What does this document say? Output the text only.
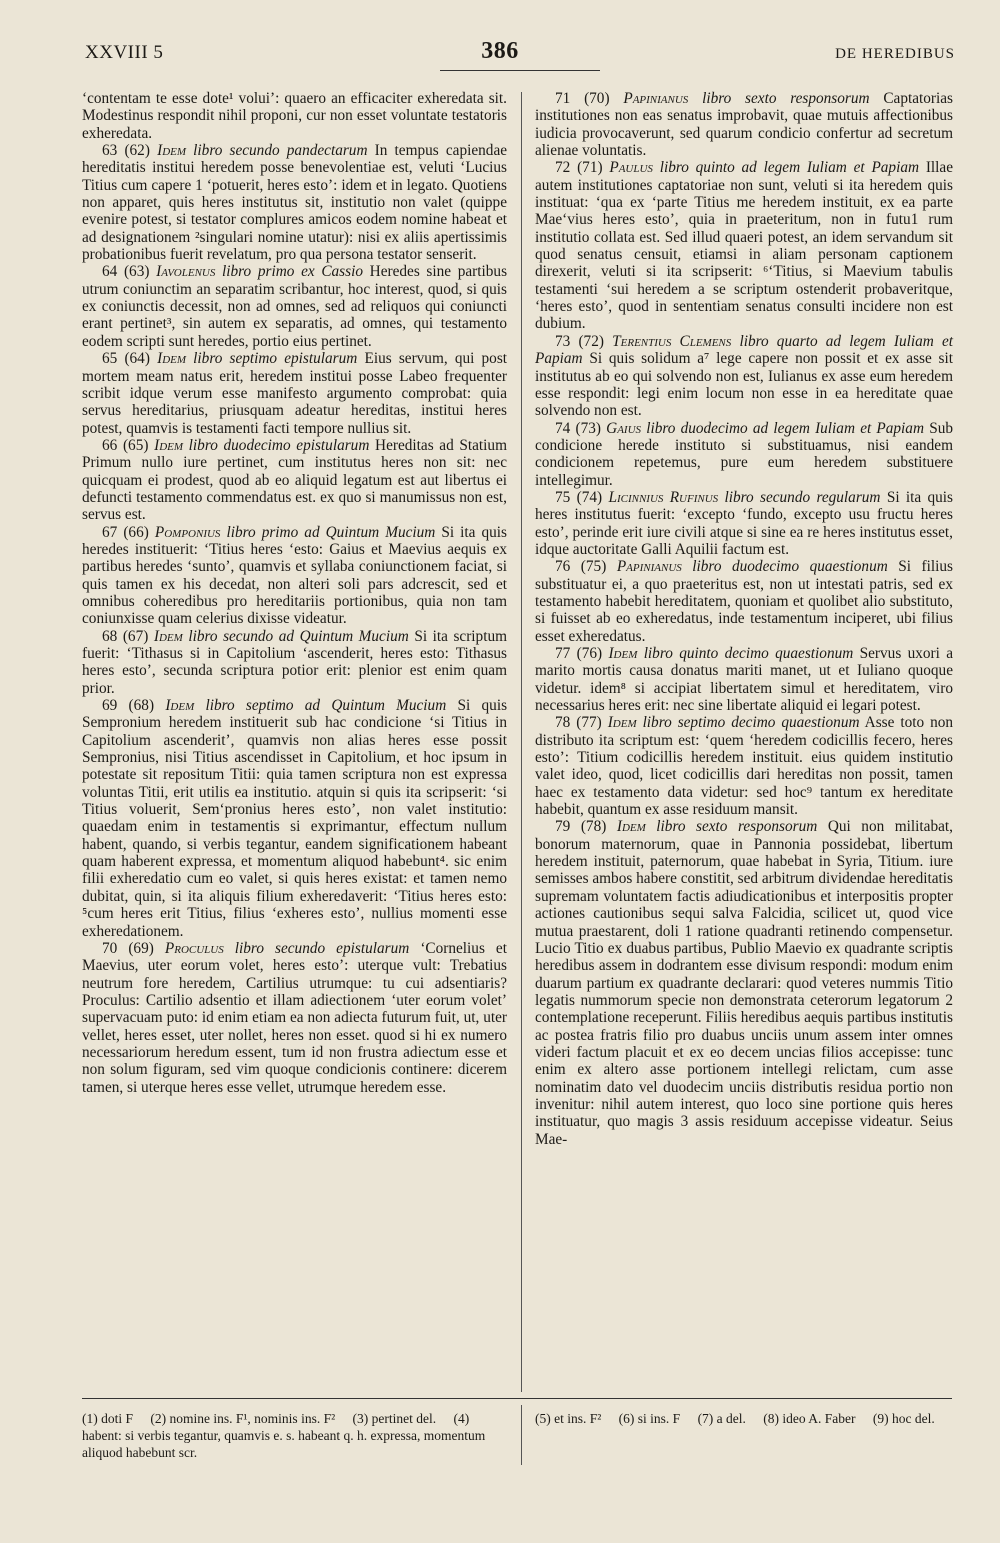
XXVIII 5	386	DE HEREDIBUS

‘contentam te esse dote¹ volui’: quaero an efficaciter exheredata sit. Modestinus respondit nihil proponi, cur non esset voluntate testatoris exheredata.

63 (62) Idem libro secundo pandectarum In tempus capiendae hereditatis institui heredem posse benevolentiae est, veluti ‘Lucius Titius cum capere 1 ‘potuerit, heres esto’: idem et in legato. Quotiens non apparet, quis heres institutus sit, institutio non valet (quippe evenire potest, si testator complures amicos eodem nomine habeat et ad designationem ²singulari nomine utatur): nisi ex aliis apertissimis probationibus fuerit revelatum, pro qua persona testator senserit.

64 (63) Iavolenus libro primo ex Cassio Heredes sine partibus utrum coniunctim an separatim scribantur, hoc interest, quod, si quis ex coniunctis decessit, non ad omnes, sed ad reliquos qui coniuncti erant pertinet³, sin autem ex separatis, ad omnes, qui testamento eodem scripti sunt heredes, portio eius pertinet.

65 (64) Idem libro septimo epistularum Eius servum, qui post mortem meam natus erit, heredem institui posse Labeo frequenter scribit idque verum esse manifesto argumento comprobat: quia servus hereditarius, priusquam adeatur hereditas, institui heres potest, quamvis is testamenti facti tempore nullius sit.

66 (65) Idem libro duodecimo epistularum Hereditas ad Statium Primum nullo iure pertinet, cum institutus heres non sit: nec quicquam ei prodest, quod ab eo aliquid legatum est aut libertus ei defuncti testamento commendatus est. ex quo si manumissus non est, servus est.

67 (66) Pomponius libro primo ad Quintum Mucium Si ita quis heredes instituerit: ‘Titius heres ‘esto: Gaius et Maevius aequis ex partibus heredes ‘sunto’, quamvis et syllaba coniunctionem faciat, si quis tamen ex his decedat, non alteri soli pars adcrescit, sed et omnibus coheredibus pro hereditariis portionibus, quia non tam coniunxisse quam celerius dixisse videatur.

68 (67) Idem libro secundo ad Quintum Mucium Si ita scriptum fuerit: ‘Tithasus si in Capitolium ‘ascenderit, heres esto: Tithasus heres esto’, secunda scriptura potior erit: plenior est enim quam prior.

69 (68) Idem libro septimo ad Quintum Mucium Si quis Sempronium heredem instituerit sub hac condicione ‘si Titius in Capitolium ascenderit’, quamvis non alias heres esse possit Sempronius, nisi Titius ascendisset in Capitolium, et hoc ipsum in potestate sit repositum Titii: quia tamen scriptura non est expressa voluntas Titii, erit utilis ea institutio. atquin si quis ita scripserit: ‘si Titius voluerit, Sem‘pronius heres esto’, non valet institutio: quaedam enim in testamentis si exprimantur, effectum nullum habent, quando, si verbis tegantur, eandem significationem habeant quam haberent expressa, et momentum aliquod habebunt⁴. sic enim filii exheredatio cum eo valet, si quis heres existat: et tamen nemo dubitat, quin, si ita aliquis filium exheredaverit: ‘Titius heres esto: ⁵cum heres erit Titius, filius ‘exheres esto’, nullius momenti esse exheredationem.

70 (69) Proculus libro secundo epistularum ‘Cornelius et Maevius, uter eorum volet, heres esto’: uterque vult: Trebatius neutrum fore heredem, Cartilius utrumque: tu cui adsentiaris? Proculus: Cartilio adsentio et illam adiectionem ‘uter eorum volet’ supervacuam puto: id enim etiam ea non adiecta futurum fuit, ut, uter vellet, heres esset, uter nollet, heres non esset. quod si hi ex numero necessariorum heredum essent, tum id non frustra adiectum esse et non solum figuram, sed vim quoque condicionis continere: dicerem tamen, si uterque heres esse vellet, utrumque heredem esse.

71 (70) Papinianus libro sexto responsorum Captatorias institutiones non eas senatus improbavit, quae mutuis affectionibus iudicia provocaverunt, sed quarum condicio confertur ad secretum alienae voluntatis.

72 (71) Paulus libro quinto ad legem Iuliam et Papiam Illae autem institutiones captatoriae non sunt, veluti si ita heredem quis instituat: ‘qua ex ‘parte Titius me heredem instituit, ex ea parte Mae‘vius heres esto’, quia in praeteritum, non in futu1 rum institutio collata est. Sed illud quaeri potest, an idem servandum sit quod senatus censuit, etiamsi in aliam personam captionem direxerit, veluti si ita scripserit: ⁶‘Titius, si Maevium tabulis testamenti ‘sui heredem a se scriptum ostenderit probaveritque, ‘heres esto’, quod in sententiam senatus consulti incidere non est dubium.

73 (72) Terentius Clemens libro quarto ad legem Iuliam et Papiam Si quis solidum a⁷ lege capere non possit et ex asse sit institutus ab eo qui solvendo non est, Iulianus ex asse eum heredem esse respondit: legi enim locum non esse in ea hereditate quae solvendo non est.

74 (73) Gaius libro duodecimo ad legem Iuliam et Papiam Sub condicione herede instituto si substituamus, nisi eandem condicionem repetemus, pure eum heredem substituere intellegimur.

75 (74) Licinnius Rufinus libro secundo regularum Si ita quis heres institutus fuerit: ‘excepto ‘fundo, excepto usu fructu heres esto’, perinde erit iure civili atque si sine ea re heres institutus esset, idque auctoritate Galli Aquilii factum est.

76 (75) Papinianus libro duodecimo quaestionum Si filius substituatur ei, a quo praeteritus est, non ut intestati patris, sed ex testamento habebit hereditatem, quoniam et quolibet alio substituto, si fuisset ab eo exheredatus, inde testamentum inciperet, ubi filius esset exheredatus.

77 (76) Idem libro quinto decimo quaestionum Servus uxori a marito mortis causa donatus mariti manet, ut et Iuliano quoque videtur. idem⁸ si accipiat libertatem simul et hereditatem, viro necessarius heres erit: nec sine libertate aliquid ei legari potest.

78 (77) Idem libro septimo decimo quaestionum Asse toto non distributo ita scriptum est: ‘quem ‘heredem codicillis fecero, heres esto’: Titium codicillis heredem instituit. eius quidem institutio valet ideo, quod, licet codicillis dari hereditas non possit, tamen haec ex testamento data videtur: sed hoc⁹ tantum ex hereditate habebit, quantum ex asse residuum mansit.

79 (78) Idem libro sexto responsorum Qui non militabat, bonorum maternorum, quae in Pannonia possidebat, libertum heredem instituit, paternorum, quae habebat in Syria, Titium. iure semisses ambos habere constitit, sed arbitrum dividendae hereditatis supremam voluntatem factis adiudicationibus et interpositis propter actiones cautionibus sequi salva Falcidia, scilicet ut, quod vice mutua praestarent, doli 1 ratione quadranti retinendo compensetur. Lucio Titio ex duabus partibus, Publio Maevio ex quadrante scriptis heredibus assem in dodrantem esse divisum respondi: modum enim duarum partium ex quadrante declarari: quod veteres nummis Titio legatis nummorum specie non demonstrata ceterorum legatorum 2 contemplatione receperunt. Filiis heredibus aequis partibus institutis ac postea fratris filio pro duabus unciis unum assem inter omnes videri factum placuit et ex eo decem uncias filios accepisse: tunc enim ex altero asse portionem intellegi relictam, cum asse nominatim dato vel duodecim unciis distributis residua portio non invenitur: nihil autem interest, quo loco sine portione quis heres instituatur, quo magis 3 assis residuum accepisse videatur. Seius Mae-

(1) doti F (2) nomine ins. F¹, nominis ins. F² (3) pertinet del. (4) habent: si verbis tegantur, quamvis e. s. habeant q. h. expressa, momentum aliquod habebunt scr.
(5) et ins. F² (6) si ins. F (7) a del. (8) ideo A. Faber (9) hoc del.
